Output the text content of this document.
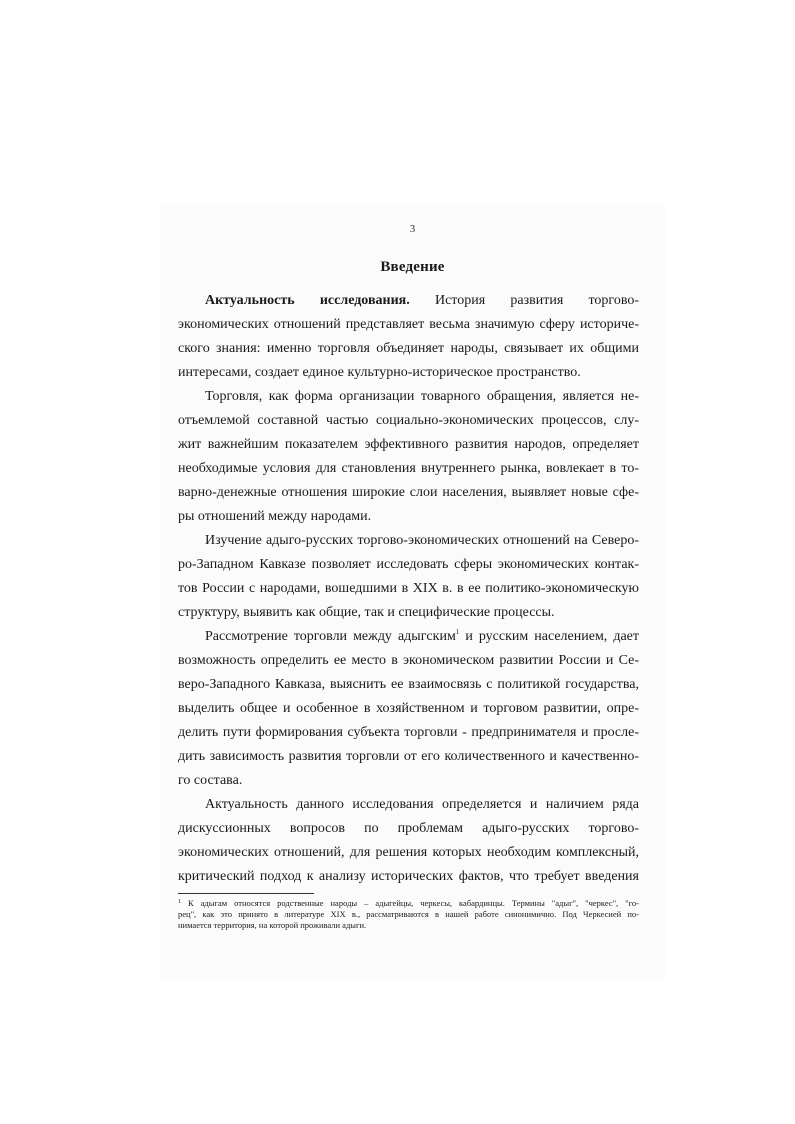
3
Введение
Актуальность исследования. История развития торгово-
экономических отношений представляет весьма значимую сферу историче-
ского знания: именно торговля объединяет народы, связывает их общими
интересами, создает единое культурно-историческое пространство.
Торговля, как форма организации товарного обращения, является не-
отъемлемой составной частью социально-экономических процессов, слу-
жит важнейшим показателем эффективного развития народов, определяет
необходимые условия для становления внутреннего рынка, вовлекает в то-
варно-денежные отношения широкие слои населения, выявляет новые сфе-
ры отношений между народами.
Изучение адыго-русских торгово-экономических отношений на Северо-
ро-Западном Кавказе позволяет исследовать сферы экономических контак-
тов России с народами, вошедшими в XIX в. в ее политико-экономическую
структуру, выявить как общие, так и специфические процессы.
Рассмотрение торговли между адыгским$^1$ и русским населением, дает
возможность определить ее место в экономическом развитии России и Се-
веро-Западного Кавказа, выяснить ее взаимосвязь с политикой государства,
выделить общее и особенное в хозяйственном и торговом развитии, опре-
делить пути формирования субъекта торговли - предпринимателя и просле-
дить зависимость развития торговли от его количественного и качественно-
го состава.
Актуальность данного исследования определяется и наличием ряда
дискуссионных вопросов по проблемам адыго-русских торгово-
экономических отношений, для решения которых необходим комплексный,
критический подход к анализу исторических фактов, что требует введения
$^1$ К адыгам относятся родственные народы – адыгейцы, черкесы, кабардинцы. Термины "адыг", "черкес", "го-
рец", как это принято в литературе XIX в., рассматриваются в нашей работе синонимично. Под Черкесией по-
нимается территория, на которой проживали адыги.
